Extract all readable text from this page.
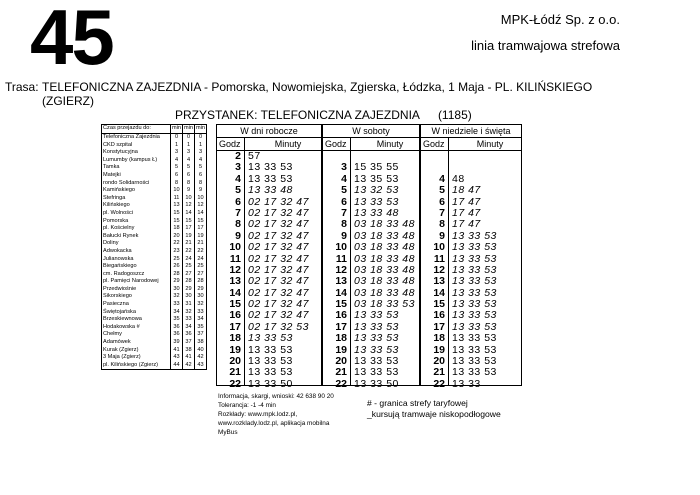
45	MPK-Łódź Sp. z o.o.
linia tramwajowa strefowa
Trasa: TELEFONICZNA ZAJEZDNIA - Pomorska, Nowomiejska, Zgierska, Łódzka, 1 Maja - PL. KILIŃSKIEGO
(ZGIERZ)
PRZYSTANEK: TELEFONICZNA ZAJEZDNIA (1185)
Czas przejazdu do:	min	min	min
Telefoniczna Zajezdnia	0	0	0
CKD szpital	1	1	1
Konstytucyjna	3	3	3
Lumumby (kampus Ł)	4	4	4
Tamka	5	5	5
Matejki	6	6	6
rondo Solidarności	8	8	8
Kamińskiego	10	9	9
Stefringa	11	10	10
Kilińskiego	13	12	12
pl. Wolności	15	14	14
Pomorska	15	15	15
pl. Kościelny	18	17	17
Bałucki Rynek	20	19	19
Doliny	22	21	21
Adwokacka	23	22	22
Julianowska	25	24	24
Biegańskiego	26	25	25
cm. Radogoszcz	28	27	27
pl. Pamięci Narodowej	29	28	28
Przedwiośnie	30	29	29
Sikorskiego	32	30	30
Pasieczna	33	31	32
Świętojańska	34	32	33
Brzeskiewnowa	35	33	34
Hodakowska #	36	34	35
Chełmy	36	36	37
Adamówek	39	37	38
Kurak (Zgierz)	41	38	40
3 Maja (Zgierz)	43	41	42
pl. Kilińskiego (Zgierz)	44	42	43
W dni robocze
Godz	Minuty
2 57
3 13 33 53
4 13 33 53
5 13 33 48
6 02 17 32 47
7 02 17 32 47
8 02 17 32 47
9 02 17 32 47
10 02 17 32 47
11 02 17 32 47
12 02 17 32 47
13 02 17 32 47
14 02 17 32 47
15 02 17 32 47
16 02 17 32 47
17 02 17 32 53
18 13 33 53
19 13 33 53
20 13 33 53
21 13 33 53
22 13 33 50
W soboty
Godz	Minuty
3 15 35 55
4 13 35 53
5 13 32 53
6 13 33 53
7 13 33 48
8 03 18 33 48
9 03 18 33 48
10 03 18 33 48
11 03 18 33 48
12 03 18 33 48
13 03 18 33 48
14 03 18 33 48
15 03 18 33 53
16 13 33 53
17 13 33 53
18 13 33 53
19 13 33 53
20 13 33 53
21 13 33 53
22 13 33 50
W niedziele i święta
Godz	Minuty
4 48
5 18 47
6 17 47
7 17 47
8 17 47
9 13 33 53
10 13 33 53
11 13 33 53
12 13 33 53
13 13 33 53
14 13 33 53
15 13 33 53
16 13 33 53
17 13 33 53
18 13 33 53
19 13 33 53
20 13 33 53
21 13 33 53
22 13 33
Informacja, skargi, wnioski: 42 638 90 20
Tolerancja: -1 -4 min
Rozkłady: www.mpk.lodz.pl,
www.rozklady.lodz.pl, aplikacja mobilna
MyBus
# - granica strefy taryfowej
_kursują tramwaje niskopodłogowe
